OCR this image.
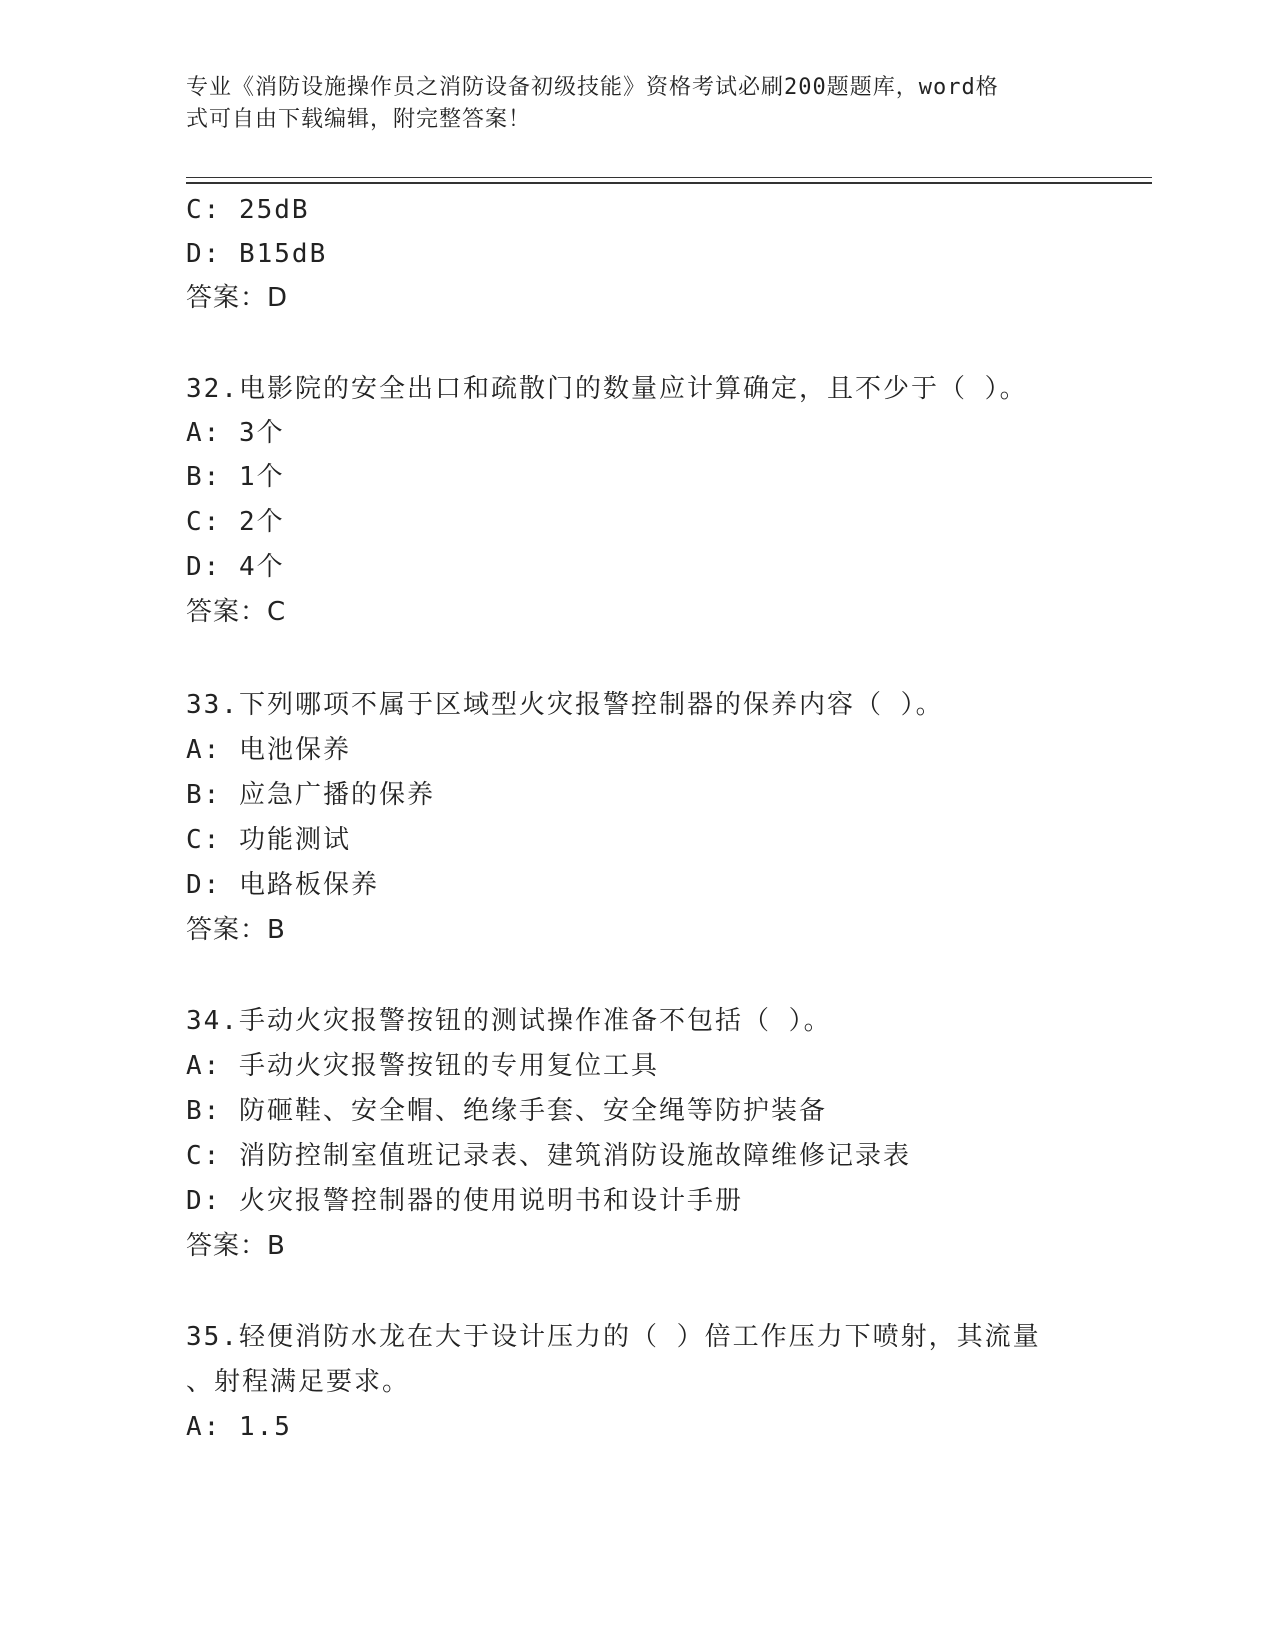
专业《消防设施操作员之消防设备初级技能》资格考试必刷200题题库，word格
式可自由下载编辑，附完整答案！
C: 25dB
D: B15dB
答案：D
32.电影院的安全出口和疏散门的数量应计算确定，且不少于（ ）。
A: 3个
B: 1个
C: 2个
D: 4个
答案：C
33.下列哪项不属于区域型火灾报警控制器的保养内容（ ）。
A: 电池保养
B: 应急广播的保养
C: 功能测试
D: 电路板保养
答案：B
34.手动火灾报警按钮的测试操作准备不包括（ ）。
A: 手动火灾报警按钮的专用复位工具
B: 防砸鞋、安全帽、绝缘手套、安全绳等防护装备
C: 消防控制室值班记录表、建筑消防设施故障维修记录表
D: 火灾报警控制器的使用说明书和设计手册
答案：B
35.轻便消防水龙在大于设计压力的（ ）倍工作压力下喷射，其流量
、射程满足要求。
A: 1.5
